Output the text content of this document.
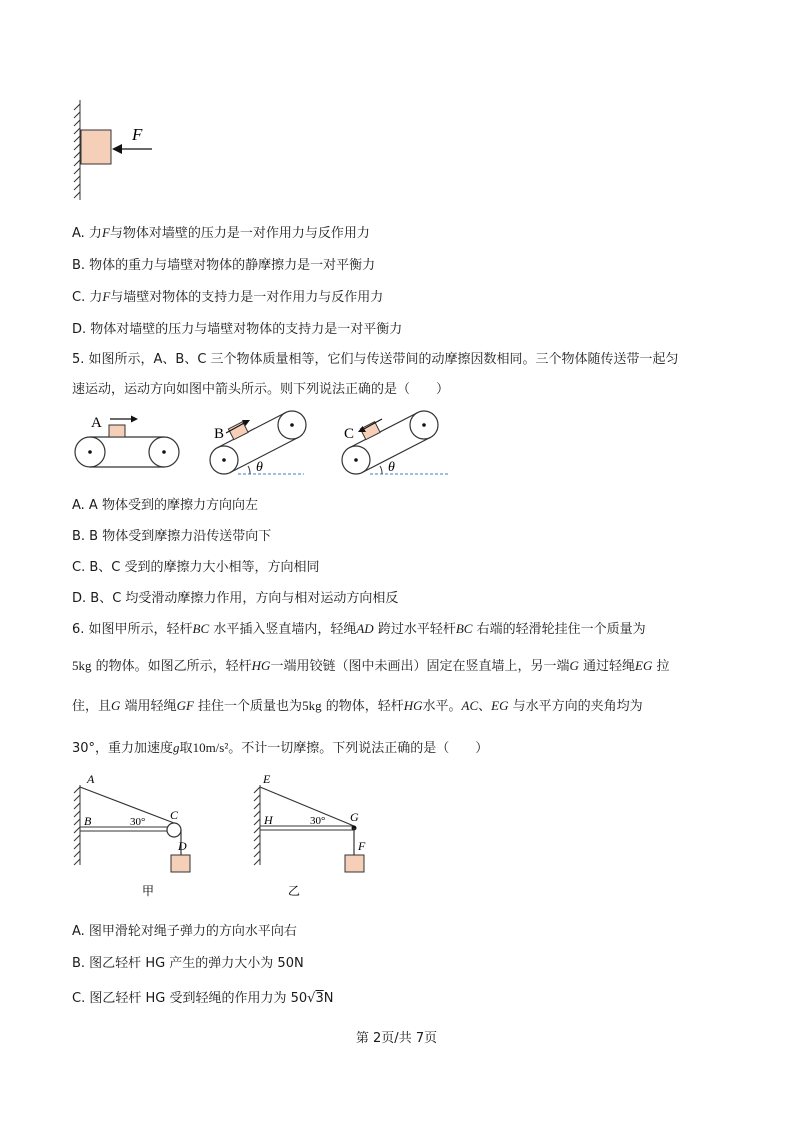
F
A. 力F与物体对墙壁的压力是一对作用力与反作用力
B. 物体的重力与墙壁对物体的静摩擦力是一对平衡力
C. 力F与墙壁对物体的支持力是一对作用力与反作用力
D. 物体对墙壁的压力与墙壁对物体的支持力是一对平衡力
5. 如图所示，A、B、C 三个物体质量相等，它们与传送带间的动摩擦因数相同。三个物体随传送带一起匀
速运动，运动方向如图中箭头所示。则下列说法正确的是（　　）
A
B
θ
C
θ
A. A 物体受到的摩擦力方向向左
B. B 物体受到摩擦力沿传送带向下
C. B、C 受到的摩擦力大小相等，方向相同
D. B、C 均受滑动摩擦力作用，方向与相对运动方向相反
6. 如图甲所示，轻杆BC 水平插入竖直墙内，轻绳AD 跨过水平轻杆BC 右端的轻滑轮挂住一个质量为
5kg 的物体。如图乙所示，轻杆HG一端用铰链（图中未画出）固定在竖直墙上，另一端G 通过轻绳EG 拉
住，且G 端用轻绳GF 挂住一个质量也为5kg 的物体，轻杆HG水平。AC、EG 与水平方向的夹角均为
30°，重力加速度g取10m/s²。不计一切摩擦。下列说法正确的是（　　）
A
B	30° C
D
甲
E
H	30° G
F
乙
A. 图甲滑轮对绳子弹力的方向水平向右
B. 图乙轻杆 HG 产生的弹力大小为 50N
C. 图乙轻杆 HG 受到轻绳的作用力为 50√3N
第 2页/共 7页
